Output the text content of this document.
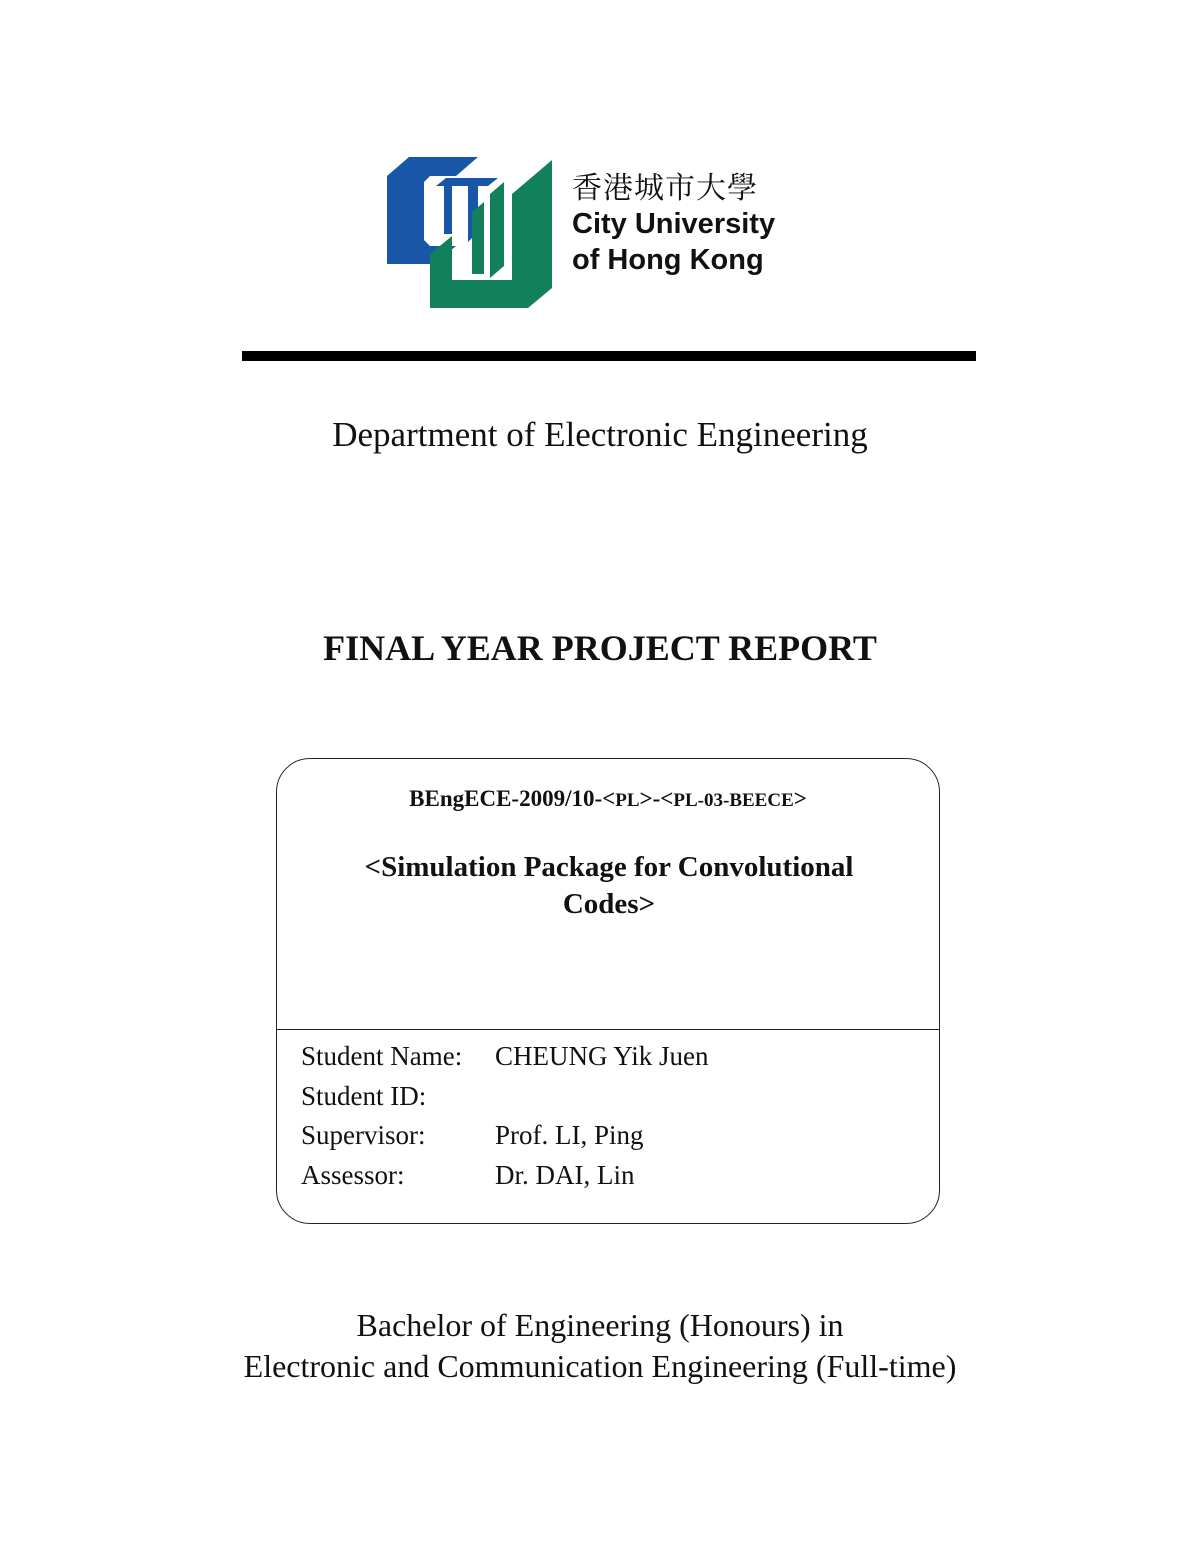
香港城市大學
City University
of Hong Kong
Department of Electronic Engineering
FINAL YEAR PROJECT REPORT
BEngECE-2009/10-<PL>-<PL-03-BEECE>
<Simulation Package for Convolutional
Codes>
Student Name:	CHEUNG Yik Juen
Student ID:
Supervisor:	Prof. LI, Ping
Assessor:	Dr. DAI, Lin
Bachelor of Engineering (Honours) in
Electronic and Communication Engineering (Full-time)
